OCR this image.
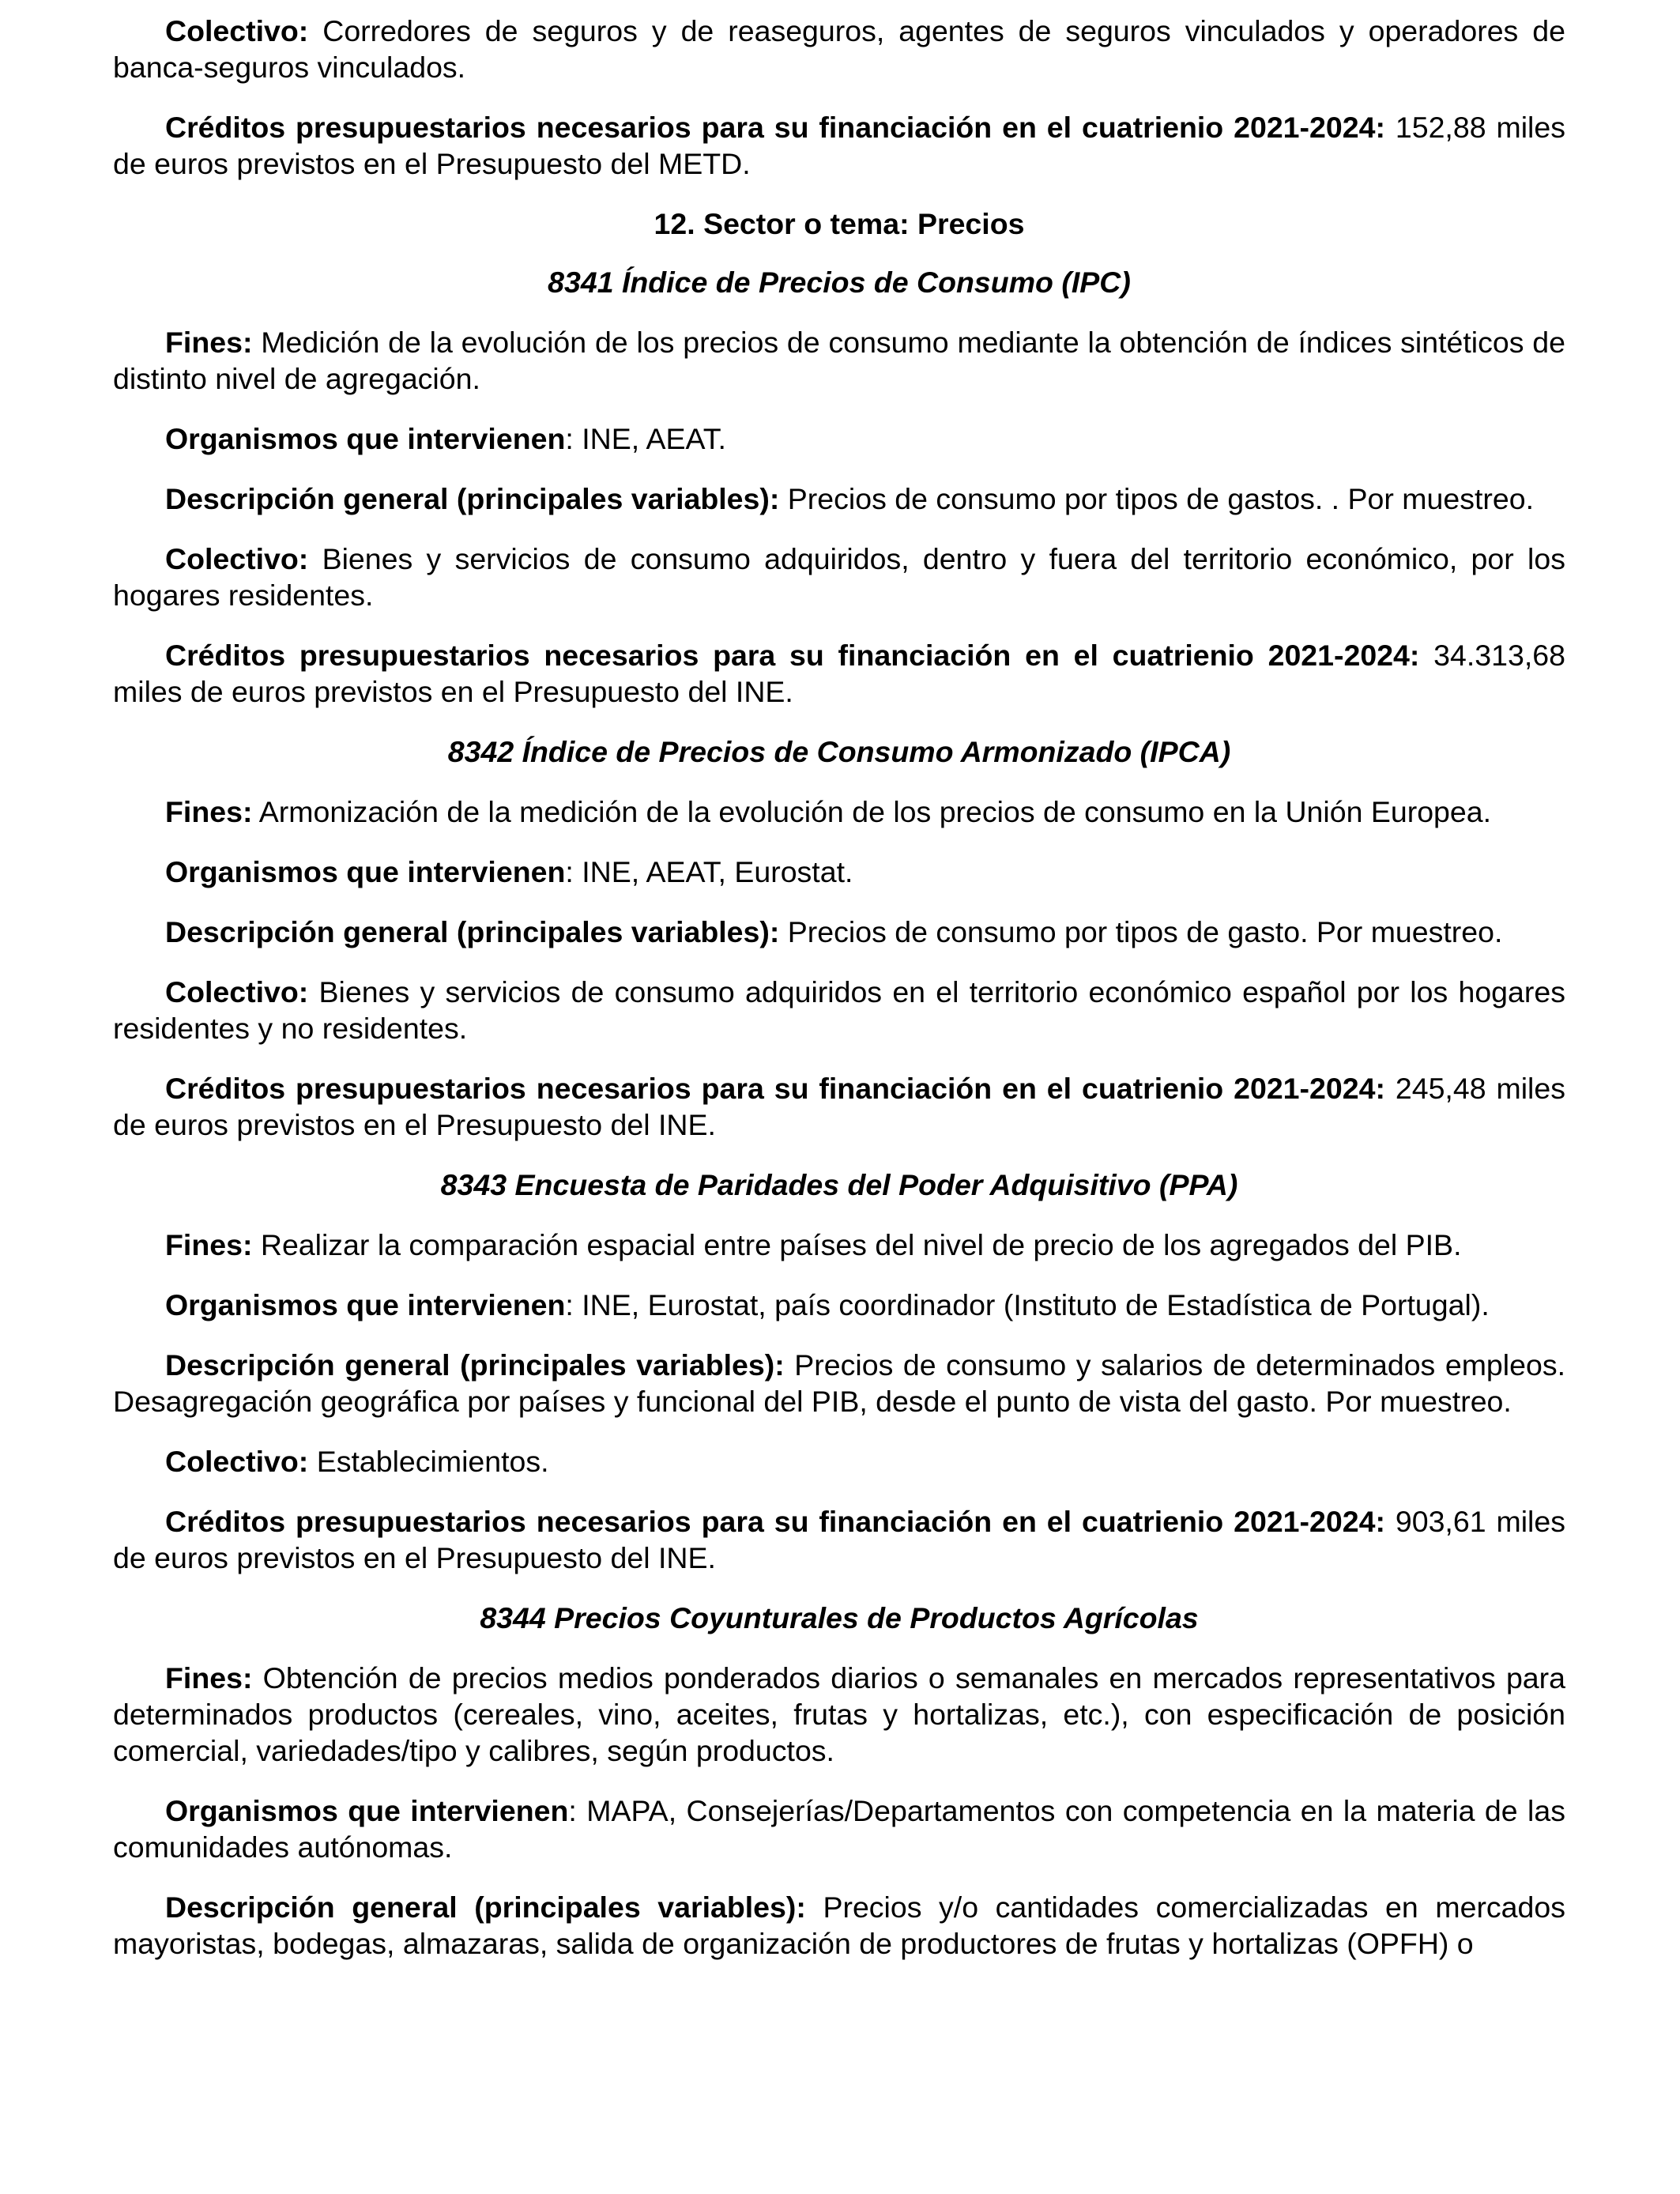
Colectivo: Corredores de seguros y de reaseguros, agentes de seguros vinculados y operadores de banca-seguros vinculados.

Créditos presupuestarios necesarios para su financiación en el cuatrienio 2021-2024: 152,88 miles de euros previstos en el Presupuesto del METD.

12. Sector o tema: Precios
8341 Índice de Precios de Consumo (IPC)

Fines: Medición de la evolución de los precios de consumo mediante la obtención de índices sintéticos de distinto nivel de agregación.

Organismos que intervienen: INE, AEAT.

Descripción general (principales variables): Precios de consumo por tipos de gastos. . Por muestreo.

Colectivo: Bienes y servicios de consumo adquiridos, dentro y fuera del territorio económico, por los hogares residentes.

Créditos presupuestarios necesarios para su financiación en el cuatrienio 2021-2024: 34.313,68 miles de euros previstos en el Presupuesto del INE.

8342 Índice de Precios de Consumo Armonizado (IPCA)

Fines: Armonización de la medición de la evolución de los precios de consumo en la Unión Europea.

Organismos que intervienen: INE, AEAT, Eurostat.

Descripción general (principales variables): Precios de consumo por tipos de gasto. Por muestreo.

Colectivo: Bienes y servicios de consumo adquiridos en el territorio económico español por los hogares residentes y no residentes.

Créditos presupuestarios necesarios para su financiación en el cuatrienio 2021-2024: 245,48 miles de euros previstos en el Presupuesto del INE.

8343 Encuesta de Paridades del Poder Adquisitivo (PPA)

Fines: Realizar la comparación espacial entre países del nivel de precio de los agregados del PIB.

Organismos que intervienen: INE, Eurostat, país coordinador (Instituto de Estadística de Portugal).

Descripción general (principales variables): Precios de consumo y salarios de determinados empleos. Desagregación geográfica por países y funcional del PIB, desde el punto de vista del gasto. Por muestreo.

Colectivo: Establecimientos.

Créditos presupuestarios necesarios para su financiación en el cuatrienio 2021-2024: 903,61 miles de euros previstos en el Presupuesto del INE.

8344 Precios Coyunturales de Productos Agrícolas

Fines: Obtención de precios medios ponderados diarios o semanales en mercados representativos para determinados productos (cereales, vino, aceites, frutas y hortalizas, etc.), con especificación de posición comercial, variedades/tipo y calibres, según productos.

Organismos que intervienen: MAPA, Consejerías/Departamentos con competencia en la materia de las comunidades autónomas.

Descripción general (principales variables): Precios y/o cantidades comercializadas en mercados mayoristas, bodegas, almazaras, salida de organización de productores de frutas y hortalizas (OPFH) o
